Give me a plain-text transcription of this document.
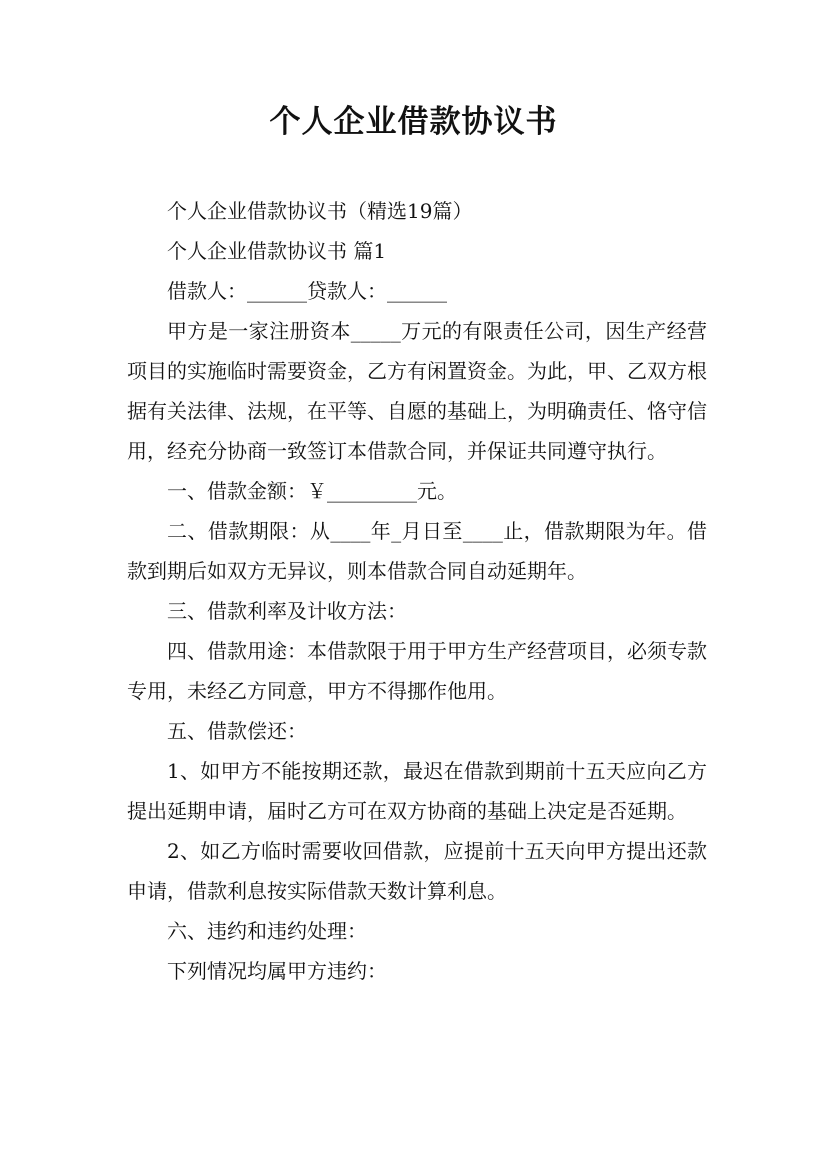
个人企业借款协议书

个人企业借款协议书（精选19篇）

个人企业借款协议书 篇1

借款人：______贷款人：______

甲方是一家注册资本_____万元的有限责任公司，因生产经营项目的实施临时需要资金，乙方有闲置资金。为此，甲、乙双方根据有关法律、法规，在平等、自愿的基础上，为明确责任、恪守信用，经充分协商一致签订本借款合同，并保证共同遵守执行。

一、借款金额：￥_________元。

二、借款期限：从____年_月日至____止，借款期限为年。借款到期后如双方无异议，则本借款合同自动延期年。

三、借款利率及计收方法：

四、借款用途：本借款限于用于甲方生产经营项目，必须专款专用，未经乙方同意，甲方不得挪作他用。

五、借款偿还：

1、如甲方不能按期还款，最迟在借款到期前十五天应向乙方提出延期申请，届时乙方可在双方协商的基础上决定是否延期。

2、如乙方临时需要收回借款，应提前十五天向甲方提出还款申请，借款利息按实际借款天数计算利息。

六、违约和违约处理：

下列情况均属甲方违约：
